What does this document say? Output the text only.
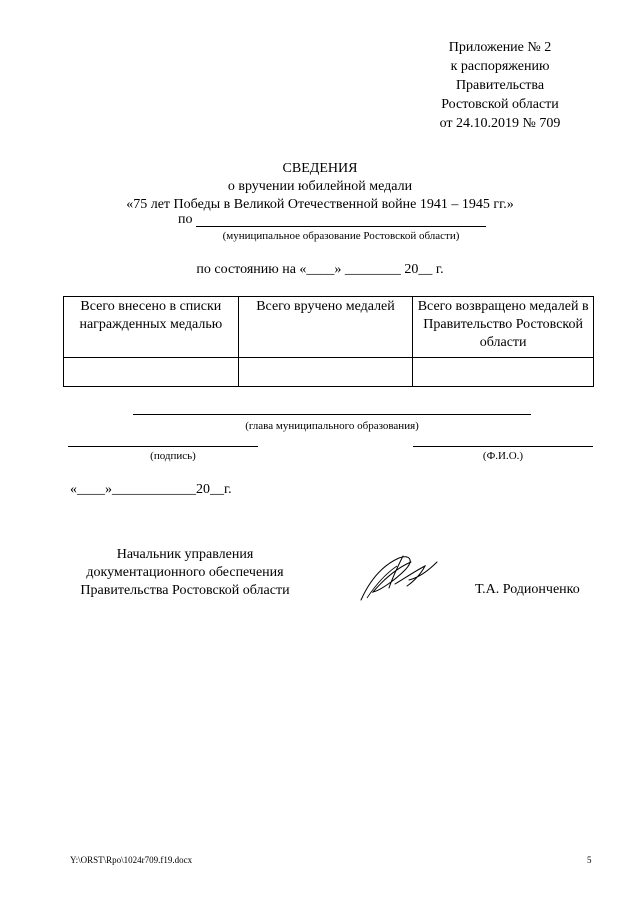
Приложение № 2
к распоряжению
Правительства
Ростовской области
от 24.10.2019 № 709
СВЕДЕНИЯ
о вручении юбилейной медали
«75 лет Победы в Великой Отечественной войне 1941 – 1945 гг.»
по
(муниципальное образование Ростовской области)
по состоянию на «____» ________ 20__ г.
Всего внесено в списки награжденных медалью	Всего вручено медалей	Всего возвращено медалей в Правительство Ростовской области

(глава муниципального образования)
(подпись)	(Ф.И.О.)
«____»____________20__г.
Начальник управления
документационного обеспечения
Правительства Ростовской области	Т.А. Родионченко
Y:\ORST\Rpo\1024r709.f19.docx	5
